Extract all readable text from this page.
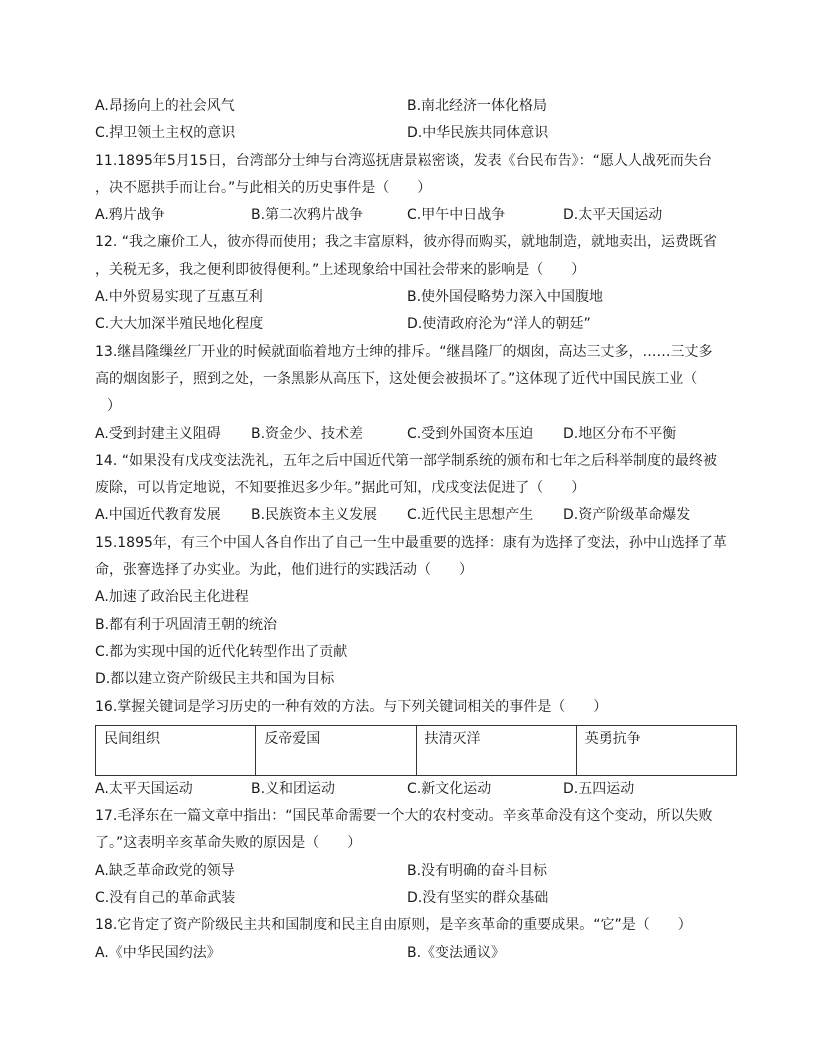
A.昂扬向上的社会风气	B.南北经济一体化格局
C.捍卫领土主权的意识	D.中华民族共同体意识
11.1895年5月15日，台湾部分士绅与台湾巡抚唐景崧密谈，发表《台民布告》：“愿人人战死而失台
，决不愿拱手而让台。”与此相关的历史事件是（　　）
A.鸦片战争	B.第二次鸦片战争	C.甲午中日战争	D.太平天国运动
12. “我之廉价工人，彼亦得而使用；我之丰富原料，彼亦得而购买，就地制造，就地卖出，运费既省
，关税无多，我之便利即彼得便利。”上述现象给中国社会带来的影响是（　　）
A.中外贸易实现了互惠互利	B.使外国侵略势力深入中国腹地
C.大大加深半殖民地化程度	D.使清政府沦为“洋人的朝廷”
13.继昌隆缫丝厂开业的时候就面临着地方士绅的排斥。“继昌隆厂的烟囱，高达三丈多，……三丈多
高的烟囱影子，照到之处，一条黑影从高压下，这处便会被损坏了。”这体现了近代中国民族工业（
）
A.受到封建主义阻碍 B.资金少、技术差	C.受到外国资本压迫 D.地区分布不平衡
14. “如果没有戊戌变法洗礼，五年之后中国近代第一部学制系统的颁布和七年之后科举制度的最终被
废除，可以肯定地说，不知要推迟多少年。”据此可知，戊戌变法促进了（　　）
A.中国近代教育发展 B.民族资本主义发展 C.近代民主思想产生 D.资产阶级革命爆发
15.1895年，有三个中国人各自作出了自己一生中最重要的选择：康有为选择了变法，孙中山选择了革
命，张謇选择了办实业。为此，他们进行的实践活动（　　）
A.加速了政治民主化进程
B.都有利于巩固清王朝的统治
C.都为实现中国的近代化转型作出了贡献
D.都以建立资产阶级民主共和国为目标
16.掌握关键词是学习历史的一种有效的方法。与下列关键词相关的事件是（　　）
民间组织	反帝爱国	扶清灭洋	英勇抗争
A.太平天国运动	B.义和团运动	C.新文化运动	D.五四运动
17.毛泽东在一篇文章中指出：“国民革命需要一个大的农村变动。辛亥革命没有这个变动，所以失败
了。”这表明辛亥革命失败的原因是（　　）
A.缺乏革命政党的领导	B.没有明确的奋斗目标
C.没有自己的革命武装	D.没有坚实的群众基础
18.它肯定了资产阶级民主共和国制度和民主自由原则，是辛亥革命的重要成果。“它”是（　　）
A.《中华民国约法》	B.《变法通议》
